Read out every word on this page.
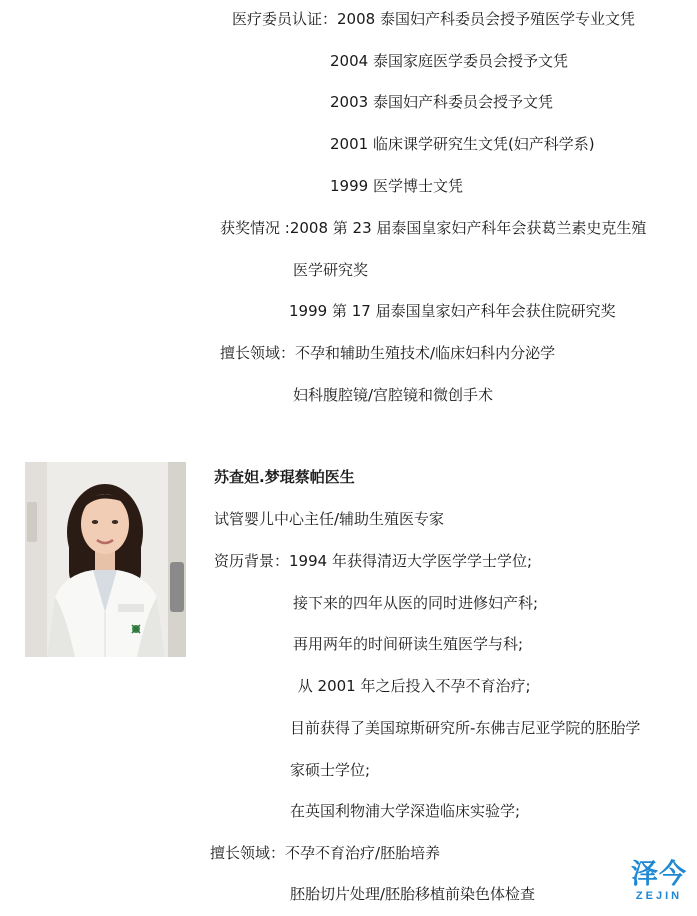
医疗委员认证：2008 泰国妇产科委员会授予殖医学专业文凭
2004 泰国家庭医学委员会授予文凭
2003 泰国妇产科委员会授予文凭
2001 临床课学研究生文凭(妇产科学系)
1999 医学博士文凭
获奖情况 :2008 第 23 届泰国皇家妇产科年会获葛兰素史克生殖
医学研究奖
1999 第 17 届泰国皇家妇产科年会获住院研究奖
擅长领域：不孕和辅助生殖技术/临床妇科内分泌学
妇科腹腔镜/宫腔镜和微创手术
苏查妲.梦琨蔡帕医生
试管婴儿中心主任/辅助生殖医专家
资历背景：1994 年获得清迈大学医学学士学位;
接下来的四年从医的同时进修妇产科;
再用两年的时间研读生殖医学与科;
从 2001 年之后投入不孕不育治疗;
目前获得了美国琼斯研究所-东佛吉尼亚学院的胚胎学
家硕士学位;
在英国利物浦大学深造临床实验学;
擅长领域：不孕不育治疗/胚胎培养
胚胎切片处理/胚胎移植前染色体检查
泽今
ZEJIN
